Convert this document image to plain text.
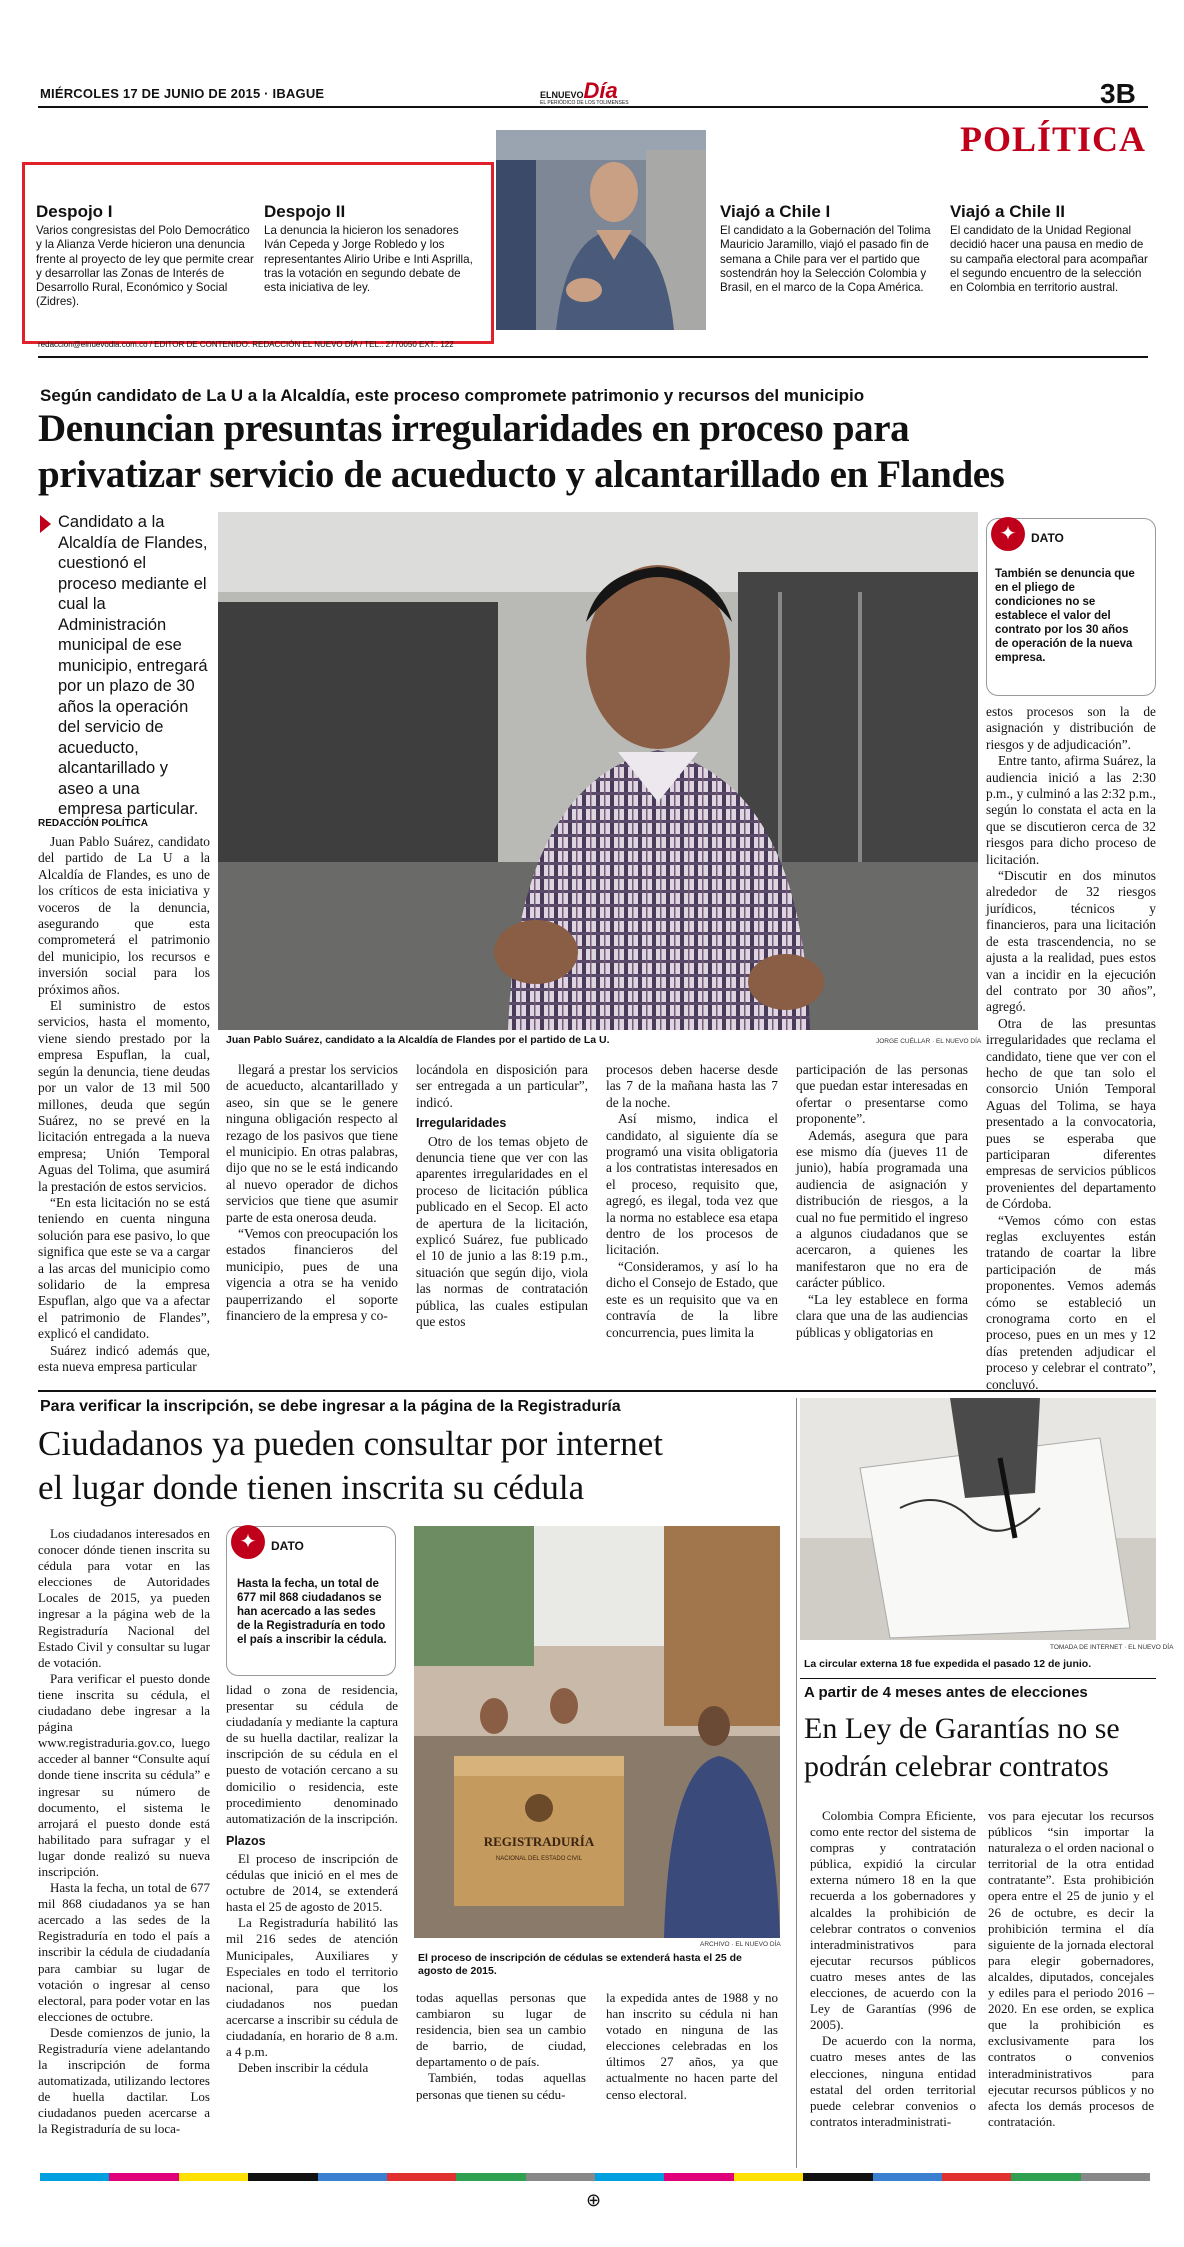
MIÉRCOLES 17 DE JUNIO DE 2015 · IBAGUE	ELNUEVODía
EL PERIÓDICO DE LOS TOLIMENSES	3B
POLÍTICA
Despojo I
Varios congresistas del Polo Democrático y la Alianza Verde hicieron una denuncia frente al proyecto de ley que permite crear y desarrollar las Zonas de Interés de Desarrollo Rural, Económico y Social (Zidres).
Despojo II
La denuncia la hicieron los senadores Iván Cepeda y Jorge Robledo y los representantes Alirio Uribe e Inti Asprilla, tras la votación en segundo debate de esta iniciativa de ley.
Viajó a Chile I
El candidato a la Gobernación del Tolima Mauricio Jaramillo, viajó el pasado fin de semana a Chile para ver el partido que sostendrán hoy la Selección Colombia y Brasil, en el marco de la Copa América.
Viajó a Chile II
El candidato de la Unidad Regional decidió hacer una pausa en medio de su campaña electoral para acompañar el segundo encuentro de la selección en Colombia en territorio austral.
redaccion@elnuevodia.com.co / EDITOR DE CONTENIDO: REDACCIÓN EL NUEVO DÍA / TEL.: 2770050 EXT.: 122
Según candidato de La U a la Alcaldía, este proceso compromete patrimonio y recursos del municipio
Denuncian presuntas irregularidades en proceso para
privatizar servicio de acueducto y alcantarillado en Flandes
Candidato a la Alcaldía de Flandes, cuestionó el proceso mediante el cual la Administración municipal de ese municipio, entregará por un plazo de 30 años la operación del servicio de acueducto, alcantarillado y aseo a una empresa particular.
REDACCIÓN POLÍTICA

Juan Pablo Suárez, candidato del partido de La U a la Alcaldía de Flandes, es uno de los críticos de esta iniciativa y voceros de la denuncia, asegurando que esta comprometerá el patrimonio del municipio, los recursos e inversión social para los próximos años.

El suministro de estos servicios, hasta el momento, viene siendo prestado por la empresa Espuflan, la cual, según la denuncia, tiene deudas por un valor de 13 mil 500 millones, deuda que según Suárez, no se prevé en la licitación entregada a la nueva empresa; Unión Temporal Aguas del Tolima, que asumirá la prestación de estos servicios.

“En esta licitación no se está teniendo en cuenta ninguna solución para ese pasivo, lo que significa que este se va a cargar a las arcas del municipio como solidario de la empresa Espuflan, algo que va a afectar el patrimonio de Flandes”, explicó el candidato.

Suárez indicó además que, esta nueva empresa particular

Juan Pablo Suárez, candidato a la Alcaldía de Flandes por el partido de La U.	JORGE CUÉLLAR · EL NUEVO DÍA

llegará a prestar los servicios de acueducto, alcantarillado y aseo, sin que se le genere ninguna obligación respecto al rezago de los pasivos que tiene el municipio. En otras palabras, dijo que no se le está indicando al nuevo operador de dichos servicios que tiene que asumir parte de esta onerosa deuda.

“Vemos con preocupación los estados financieros del municipio, pues de una vigencia a otra se ha venido pauperrizando el soporte financiero de la empresa y co-

locándola en disposición para ser entregada a un particular”, indicó.

Irregularidades

Otro de los temas objeto de denuncia tiene que ver con las aparentes irregularidades en el proceso de licitación pública publicado en el Secop. El acto de apertura de la licitación, explicó Suárez, fue publicado el 10 de junio a las 8:19 p.m., situación que según dijo, viola las normas de contratación pública, las cuales estipulan que estos

procesos deben hacerse desde las 7 de la mañana hasta las 7 de la noche.

Así mismo, indica el candidato, al siguiente día se programó una visita obligatoria a los contratistas interesados en el proceso, requisito que, agregó, es ilegal, toda vez que la norma no establece esa etapa dentro de los procesos de licitación.

“Consideramos, y así lo ha dicho el Consejo de Estado, que este es un requisito que va en contravía de la libre concurrencia, pues limita la

participación de las personas que puedan estar interesadas en ofertar o presentarse como proponente”.

Además, asegura que para ese mismo día (jueves 11 de junio), había programada una audiencia de asignación y distribución de riesgos, a la cual no fue permitido el ingreso a algunos ciudadanos que se acercaron, a quienes les manifestaron que no era de carácter público.

“La ley establece en forma clara que una de las audiencias públicas y obligatorias en

✦	DATO
También se denuncia que en el pliego de condiciones no se establece el valor del contrato por los 30 años de operación de la nueva empresa.

estos procesos son la de asignación y distribución de riesgos y de adjudicación”.

Entre tanto, afirma Suárez, la audiencia inició a las 2:30 p.m., y culminó a las 2:32 p.m., según lo constata el acta en la que se discutieron cerca de 32 riesgos para dicho proceso de licitación.

“Discutir en dos minutos alrededor de 32 riesgos jurídicos, técnicos y financieros, para una licitación de esta trascendencia, no se ajusta a la realidad, pues estos van a incidir en la ejecución del contrato por 30 años”, agregó.

Otra de las presuntas irregularidades que reclama el candidato, tiene que ver con el hecho de que tan solo el consorcio Unión Temporal Aguas del Tolima, se haya presentado a la convocatoria, pues se esperaba que participaran diferentes empresas de servicios públicos provenientes del departamento de Córdoba.

“Vemos cómo con estas reglas excluyentes están tratando de coartar la libre participación de más proponentes. Vemos además cómo se estableció un cronograma corto en el proceso, pues en un mes y 12 días pretenden adjudicar el proceso y celebrar el contrato”, concluyó.

Para verificar la inscripción, se debe ingresar a la página de la Registraduría
Ciudadanos ya pueden consultar por internet
el lugar donde tienen inscrita su cédula

Los ciudadanos interesados en conocer dónde tienen inscrita su cédula para votar en las elecciones de Autoridades Locales de 2015, ya pueden ingresar a la página web de la Registraduría Nacional del Estado Civil y consultar su lugar de votación.

Para verificar el puesto donde tiene inscrita su cédula, el ciudadano debe ingresar a la página www.registraduria.gov.co, luego acceder al banner “Consulte aquí donde tiene inscrita su cédula” e ingresar su número de documento, el sistema le arrojará el puesto donde está habilitado para sufragar y el lugar donde realizó su nueva inscripción.

Hasta la fecha, un total de 677 mil 868 ciudadanos ya se han acercado a las sedes de la Registraduría en todo el país a inscribir la cédula de ciudadanía para cambiar su lugar de votación o ingresar al censo electoral, para poder votar en las elecciones de octubre.

Desde comienzos de junio, la Registraduría viene adelantando la inscripción de forma automatizada, utilizando lectores de huella dactilar. Los ciudadanos pueden acercarse a la Registraduría de su loca-

✦	DATO
Hasta la fecha, un total de 677 mil 868 ciudadanos se han acercado a las sedes de la Registraduría en todo el país a inscribir la cédula.

lidad o zona de residencia, presentar su cédula de ciudadanía y mediante la captura de su huella dactilar, realizar la inscripción de su cédula en el puesto de votación cercano a su domicilio o residencia, este procedimiento denominado automatización de la inscripción.

Plazos

El proceso de inscripción de cédulas que inició en el mes de octubre de 2014, se extenderá hasta el 25 de agosto de 2015.

La Registraduría habilitó las mil 216 sedes de atención Municipales, Auxiliares y Especiales en todo el territorio nacional, para que los ciudadanos nos puedan acercarse a inscribir su cédula de ciudadanía, en horario de 8 a.m. a 4 p.m.

Deben inscribir la cédula

REGISTRADURÍA
NACIONAL DEL ESTADO CIVIL
ARCHIVO · EL NUEVO DÍA
El proceso de inscripción de cédulas se extenderá hasta el 25 de agosto de 2015.

todas aquellas personas que cambiaron su lugar de residencia, bien sea un cambio de barrio, de ciudad, departamento o de país.

También, todas aquellas personas que tienen su cédu-

la expedida antes de 1988 y no han inscrito su cédula ni han votado en ninguna de las elecciones celebradas en los últimos 27 años, ya que actualmente no hacen parte del censo electoral.

TOMADA DE INTERNET · EL NUEVO DÍA
La circular externa 18 fue expedida el pasado 12 de junio.
A partir de 4 meses antes de elecciones
En Ley de Garantías no se
podrán celebrar contratos

Colombia Compra Eficiente, como ente rector del sistema de compras y contratación pública, expidió la circular externa número 18 en la que recuerda a los gobernadores y alcaldes la prohibición de celebrar contratos o convenios interadministrativos para ejecutar recursos públicos cuatro meses antes de las elecciones, de acuerdo con la Ley de Garantías (996 de 2005).

De acuerdo con la norma, cuatro meses antes de las elecciones, ninguna entidad estatal del orden territorial puede celebrar convenios o contratos interadministrati-

vos para ejecutar los recursos públicos “sin importar la naturaleza o el orden nacional o territorial de la otra entidad contratante”. Esta prohibición opera entre el 25 de junio y el 26 de octubre, es decir la prohibición termina el día siguiente de la jornada electoral para elegir gobernadores, alcaldes, diputados, concejales y ediles para el periodo 2016 – 2020. En ese orden, se explica que la prohibición es exclusivamente para los contratos o convenios interadministrativos para ejecutar recursos públicos y no afecta los demás procesos de contratación.

⊕
